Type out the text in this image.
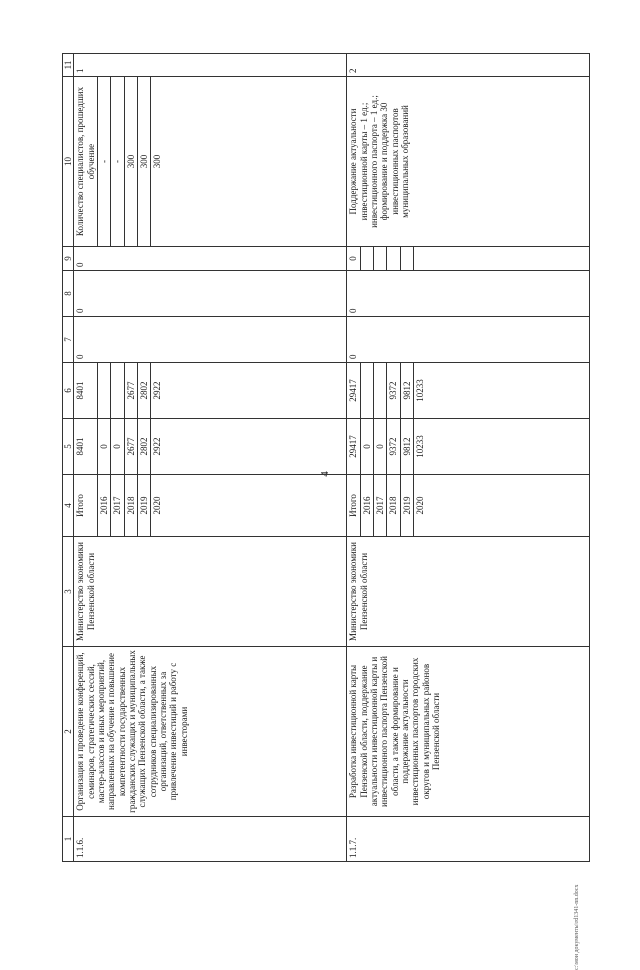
4
c:\мои документы\rd1341-nn.docx
1	2	3	4	5	6	7	8	9	10	11
1.1.6.	Организация и проведение конференций, семинаров, стратегических сессий, мастер-классов и иных мероприятий, направленных на обучение и повышение компетентности государственных гражданских служащих и муниципальных служащих Пензенской области, а также сотрудников специализированных организаций, ответственных за привлечение инвестиций и работу с инвесторами	Министерство экономики Пензенской области	Итого	8401	8401	0	0	0	Количество специалистов, прошедших обучение	1
			2016	0					-	
			2017	0					-	
			2018	2677	2677				300	
			2019	2802	2802				300	
			2020	2922	2922				300	
1.1.7.	Разработка инвестиционной карты Пензенской области, поддержание актуальности инвестиционной карты и инвестиционного паспорта Пензенской области, а также формирование и поддержание актуальности инвестиционных паспортов городских округов и муниципальных районов Пензенской области	Министерство экономики Пензенской области	Итого	29417	29417	0	0	0	Поддержание актуальности инвестиционной карты – 1 ед.; инвестиционного паспорта – 1 ед.; формирование и поддержка 30 инвестиционных паспортов муниципальных образований	2
			2016	0						
			2017	0						
			2018	9372	9372					
			2019	9812	9812					
			2020	10233	10233					
